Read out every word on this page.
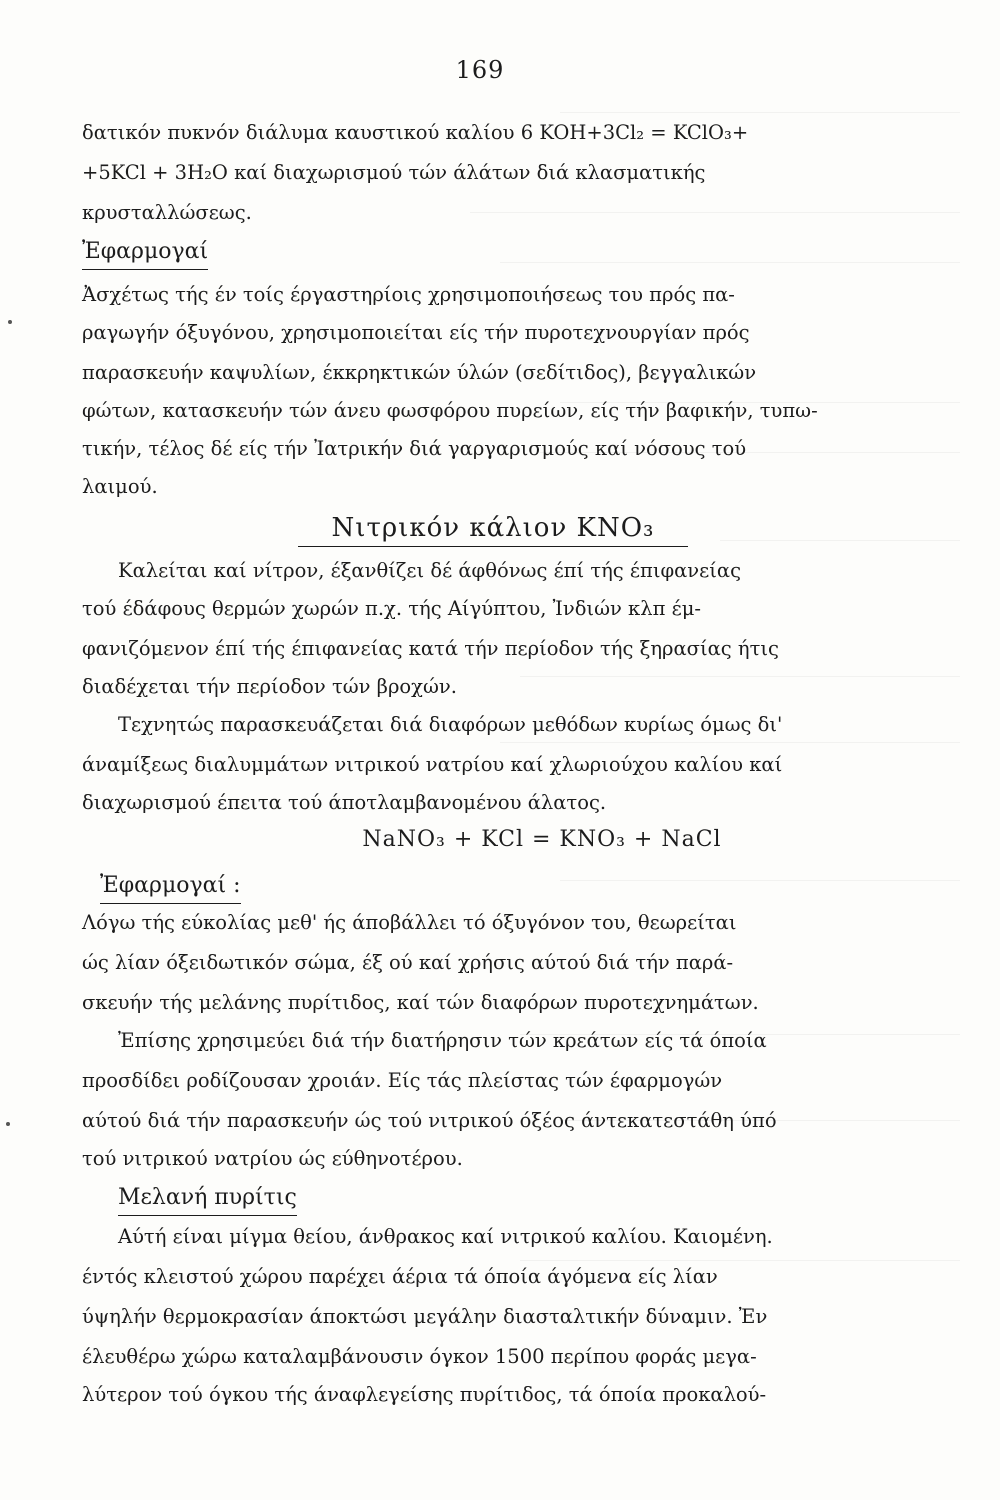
169
δατικόν πυκνόν διάλυμα καυστικού καλίου 6 KOH+3Cl₂ = KClO₃+
+5KCl + 3H₂O καί διαχωρισμού τών άλάτων διά κλασματικής
κρυσταλλώσεως.
Ἐφαρμογαί
Ἀσχέτως τής έν τοίς έργαστηρίοις χρησιμοποιήσεως του πρός πα-
ραγωγήν όξυγόνου, χρησιμοποιείται είς τήν πυροτεχνουργίαν πρός
παρασκευήν καψυλίων, έκκρηκτικών ύλών (σεδίτιδος), βεγγαλικών
φώτων, κατασκευήν τών άνευ φωσφόρου πυρείων, είς τήν βαφικήν, τυπω-
τικήν, τέλος δέ είς τήν Ἰατρικήν διά γαργαρισμούς καί νόσους τού
λαιμού.
Νιτρικόν κάλιον KNO₃
Καλείται καί νίτρον, έξανθίζει δέ άφθόνως έπί τής έπιφανείας
τού έδάφους θερμών χωρών π.χ. τής Αίγύπτου, Ἰνδιών κλπ έμ-
φανιζόμενον έπί τής έπιφανείας κατά τήν περίοδον τής ξηρασίας ήτις
διαδέχεται τήν περίοδον τών βροχών.
Τεχνητώς παρασκευάζεται διά διαφόρων μεθόδων κυρίως όμως δι'
άναμίξεως διαλυμμάτων νιτρικού νατρίου καί χλωριούχου καλίου καί
διαχωρισμού έπειτα τού άποτλαμβανομένου άλατος.
NaNO₃ + KCl = KNO₃ + NaCl
Ἐφαρμογαί :
Λόγω τής εύκολίας μεθ' ής άποβάλλει τό όξυγόνον του, θεωρείται
ώς λίαν όξειδωτικόν σώμα, έξ ού καί χρήσις αύτού διά τήν παρά-
σκευήν τής μελάνης πυρίτιδος, καί τών διαφόρων πυροτεχνημάτων.
Ἐπίσης χρησιμεύει διά τήν διατήρησιν τών κρεάτων είς τά όποία
προσδίδει ροδίζουσαν χροιάν. Είς τάς πλείστας τών έφαρμογών
αύτού διά τήν παρασκευήν ώς τού νιτρικού όξέος άντεκατεστάθη ύπό
τού νιτρικού νατρίου ώς εύθηνοτέρου.
Μελανή πυρίτις
Αύτή είναι μίγμα θείου, άνθρακος καί νιτρικού καλίου. Καιομένη.
έντός κλειστού χώρου παρέχει άέρια τά όποία άγόμενα είς λίαν
ύψηλήν θερμοκρασίαν άποκτώσι μεγάλην διασταλτικήν δύναμιν. Ἐν
έλευθέρω χώρω καταλαμβάνουσιν όγκον 1500 περίπου φοράς μεγα-
λύτερον τού όγκου τής άναφλεγείσης πυρίτιδος, τά όποία προκαλού-
